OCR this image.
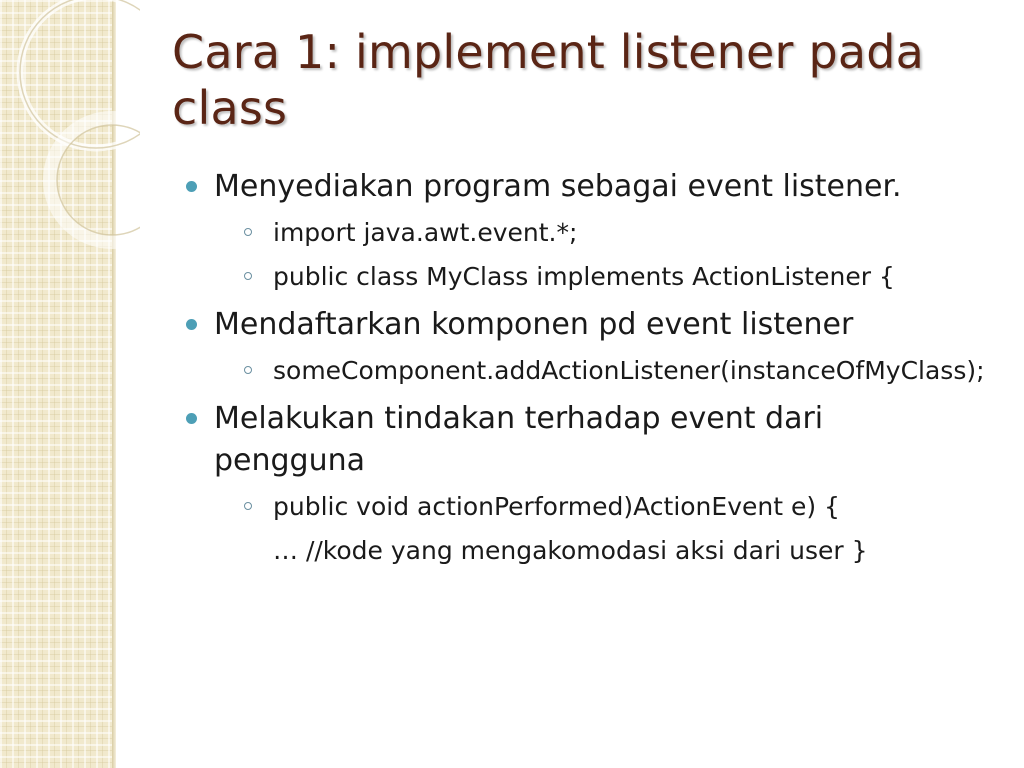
Cara 1: implement listener pada class
Menyediakan program sebagai event listener.
import java.awt.event.*;
public class MyClass implements ActionListener {
Mendaftarkan komponen pd event listener
someComponent.addActionListener(instanceOfMyClass);
Melakukan tindakan terhadap event dari pengguna
public void actionPerformed)ActionEvent e) {
… //kode yang mengakomodasi aksi dari user }
